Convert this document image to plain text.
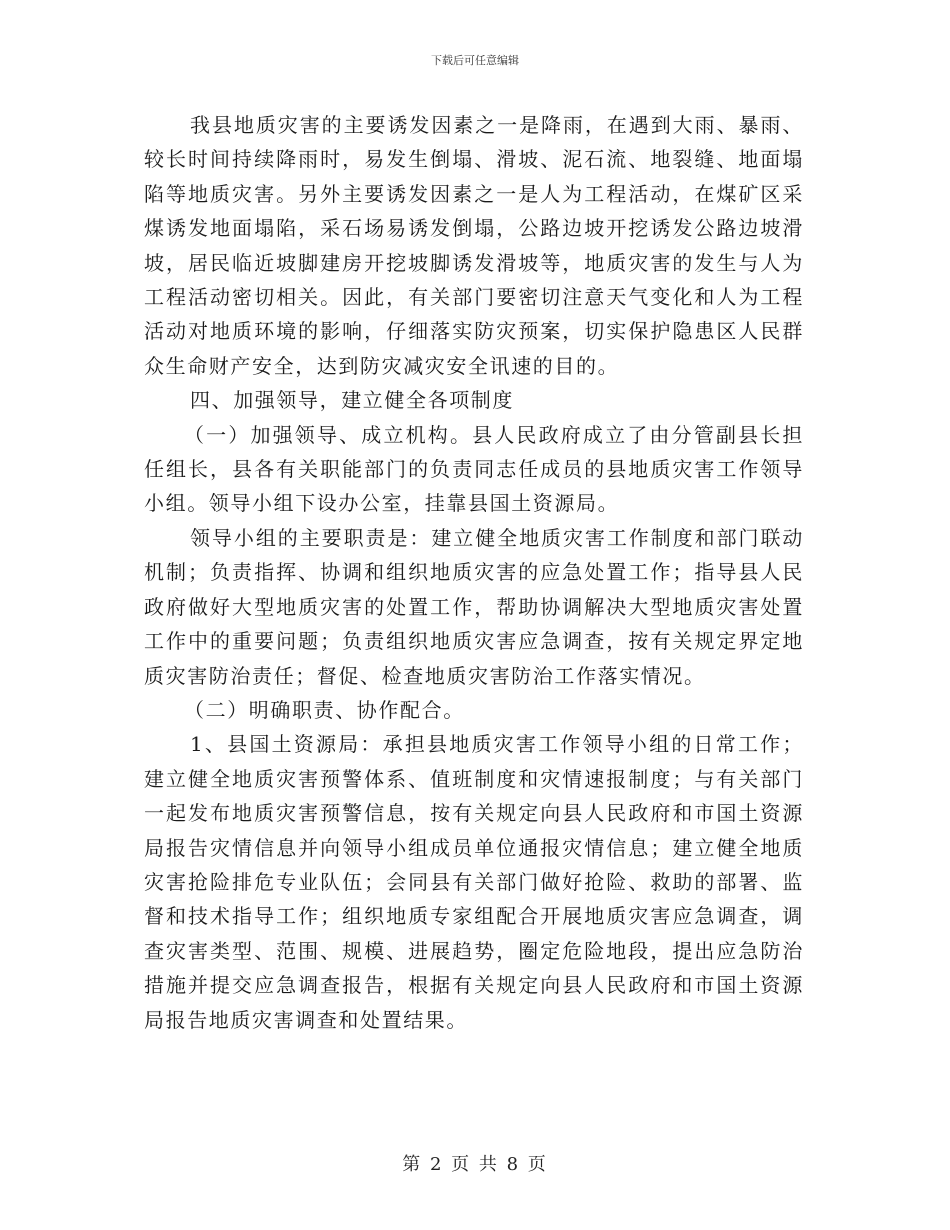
下载后可任意编辑

我县地质灾害的主要诱发因素之一是降雨，在遇到大雨、暴雨、较长时间持续降雨时，易发生倒塌、滑坡、泥石流、地裂缝、地面塌陷等地质灾害。另外主要诱发因素之一是人为工程活动，在煤矿区采煤诱发地面塌陷，采石场易诱发倒塌，公路边坡开挖诱发公路边坡滑坡，居民临近坡脚建房开挖坡脚诱发滑坡等，地质灾害的发生与人为工程活动密切相关。因此，有关部门要密切注意天气变化和人为工程活动对地质环境的影响，仔细落实防灾预案，切实保护隐患区人民群众生命财产安全，达到防灾减灾安全讯速的目的。

四、加强领导，建立健全各项制度

（一）加强领导、成立机构。县人民政府成立了由分管副县长担任组长，县各有关职能部门的负责同志任成员的县地质灾害工作领导小组。领导小组下设办公室，挂靠县国土资源局。

领导小组的主要职责是：建立健全地质灾害工作制度和部门联动机制；负责指挥、协调和组织地质灾害的应急处置工作；指导县人民政府做好大型地质灾害的处置工作，帮助协调解决大型地质灾害处置工作中的重要问题；负责组织地质灾害应急调查，按有关规定界定地质灾害防治责任；督促、检查地质灾害防治工作落实情况。

（二）明确职责、协作配合。

1、县国土资源局：承担县地质灾害工作领导小组的日常工作；建立健全地质灾害预警体系、值班制度和灾情速报制度；与有关部门一起发布地质灾害预警信息，按有关规定向县人民政府和市国土资源局报告灾情信息并向领导小组成员单位通报灾情信息；建立健全地质灾害抢险排危专业队伍；会同县有关部门做好抢险、救助的部署、监督和技术指导工作；组织地质专家组配合开展地质灾害应急调查，调查灾害类型、范围、规模、进展趋势，圈定危险地段，提出应急防治措施并提交应急调查报告，根据有关规定向县人民政府和市国土资源局报告地质灾害调查和处置结果。

第 2 页 共 8 页
